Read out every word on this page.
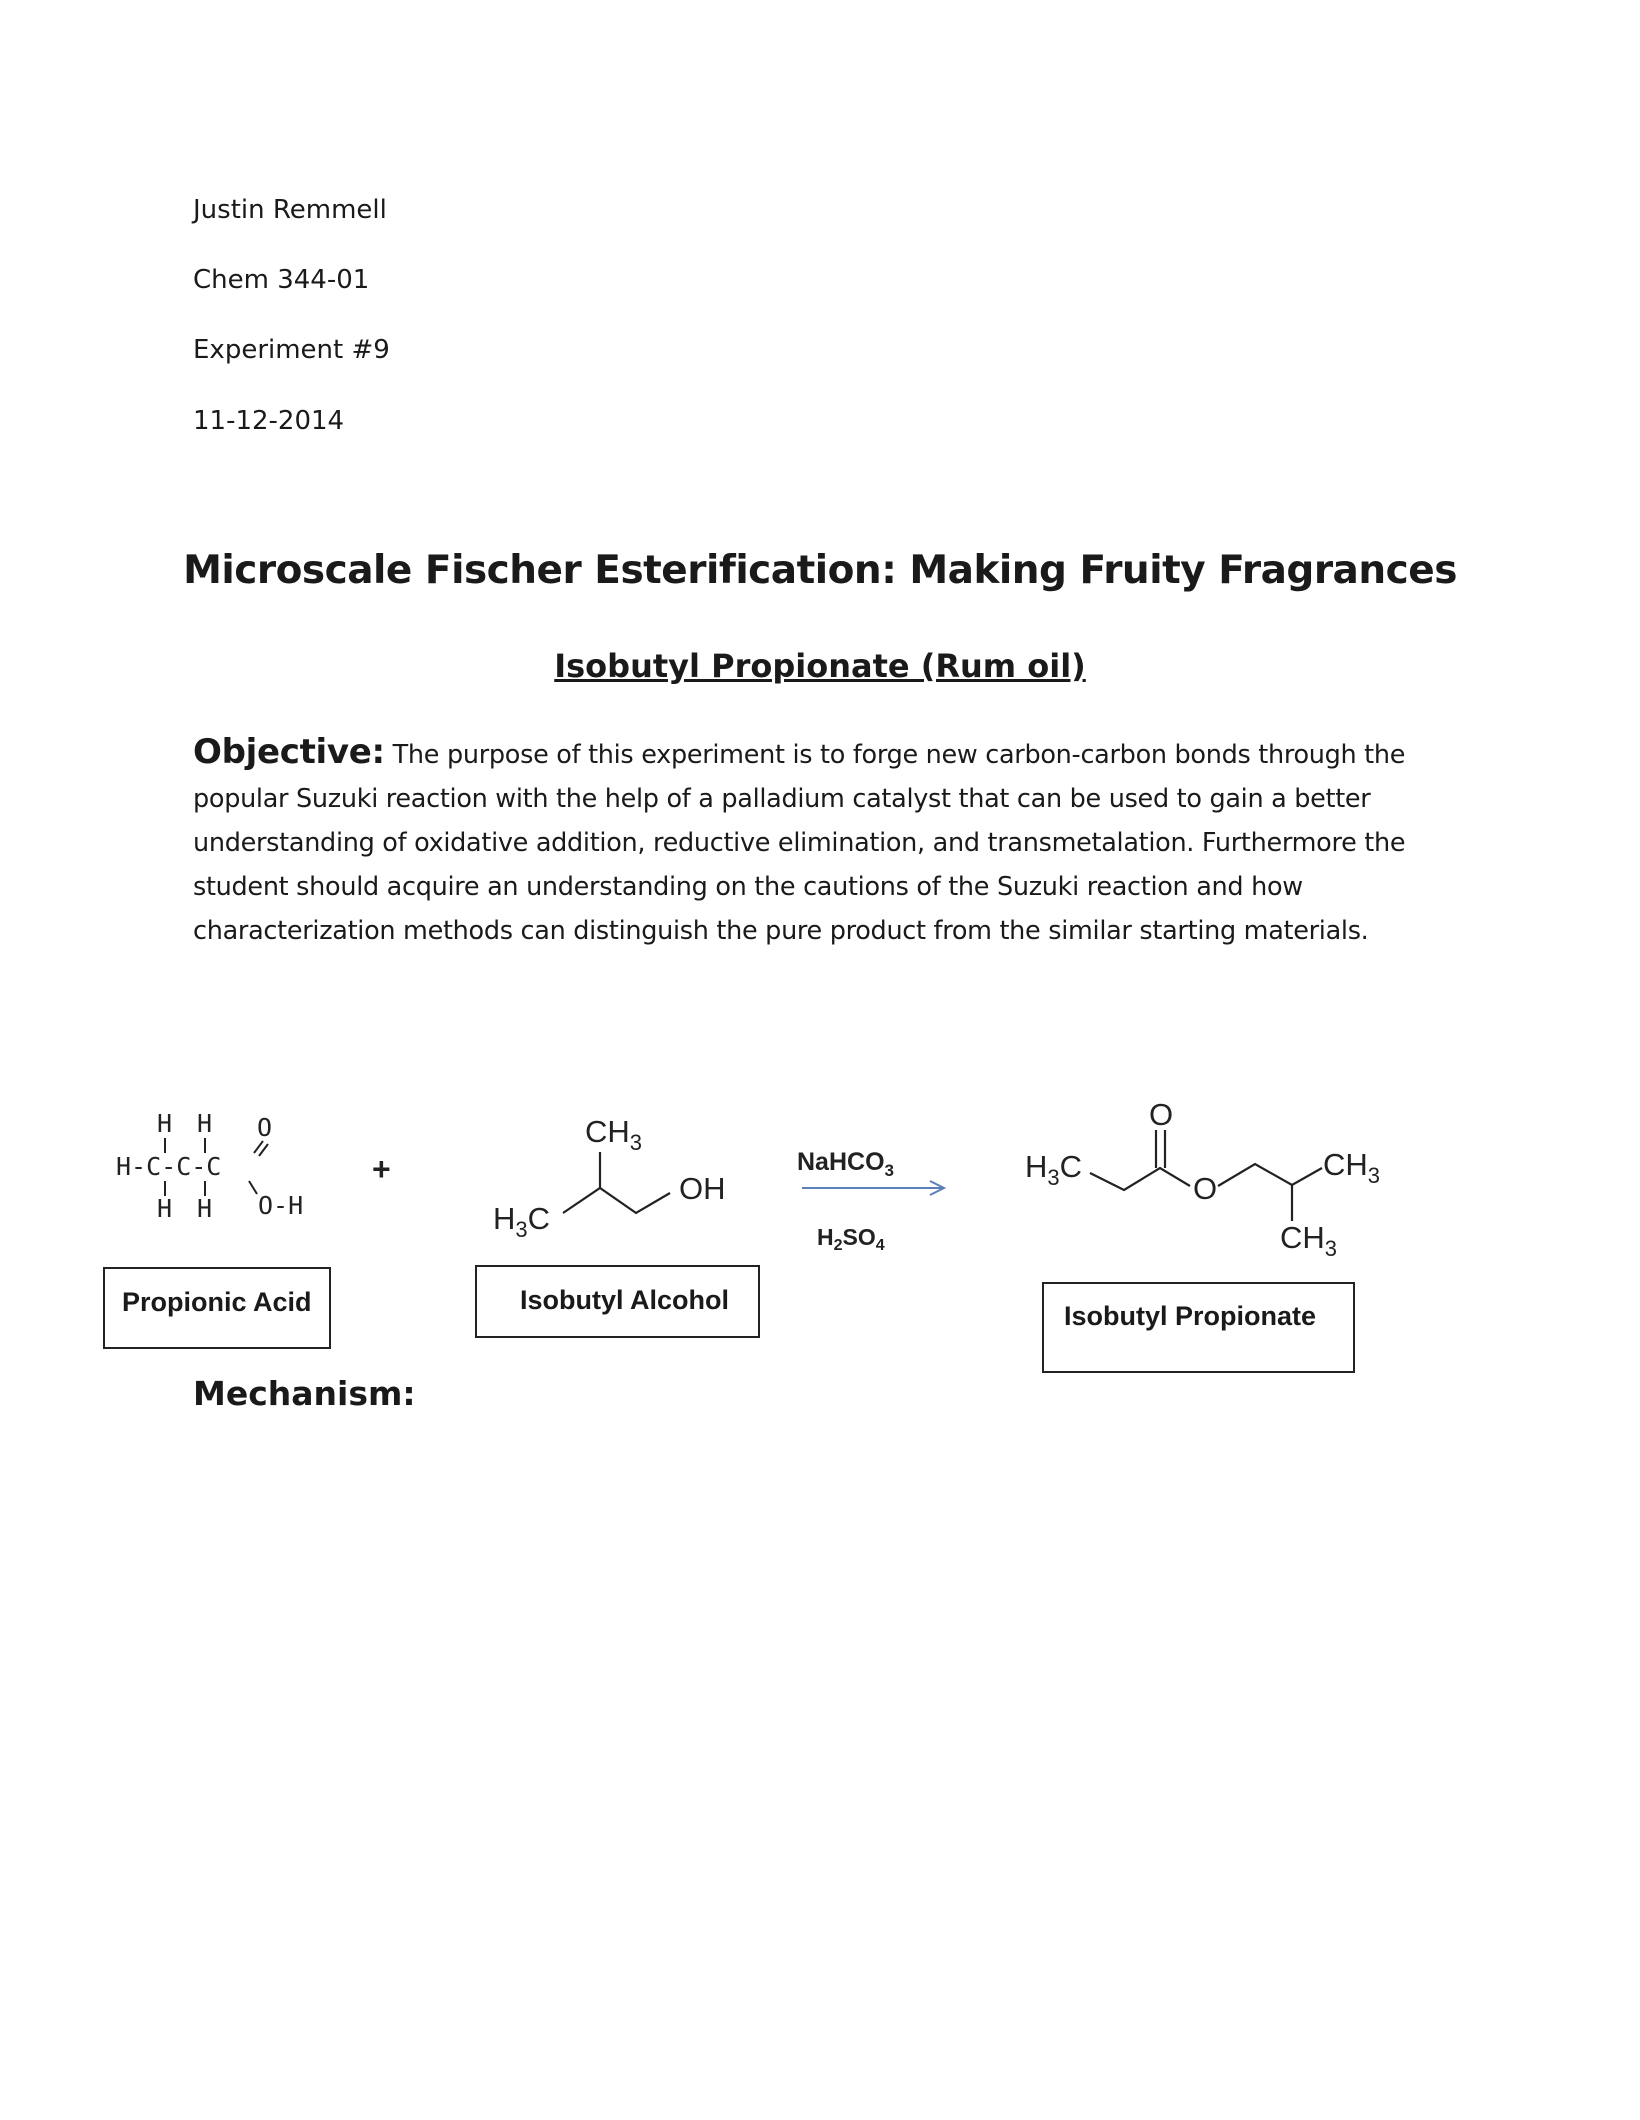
Justin Remmell
Chem 344-01
Experiment #9
11-12-2014
Microscale Fischer Esterification: Making Fruity Fragrances
Isobutyl Propionate (Rum oil)
Objective: The purpose of this experiment is to forge new carbon-carbon bonds through the popular Suzuki reaction with the help of a palladium catalyst that can be used to gain a better understanding of oxidative addition, reductive elimination, and transmetalation. Furthermore the student should acquire an understanding on the cautions of the Suzuki reaction and how characterization methods can distinguish the pure product from the similar starting materials.
H H O
H-C-C-C
H H O-H
+
$CH_3$
OH
$H_3C$
NaHCO$_3$
$H_2SO_4$
$H_3C$
O
O
$CH_3$
$CH_3$
Propionic Acid	Isobutyl Alcohol
Isobutyl Propionate
Mechanism:
